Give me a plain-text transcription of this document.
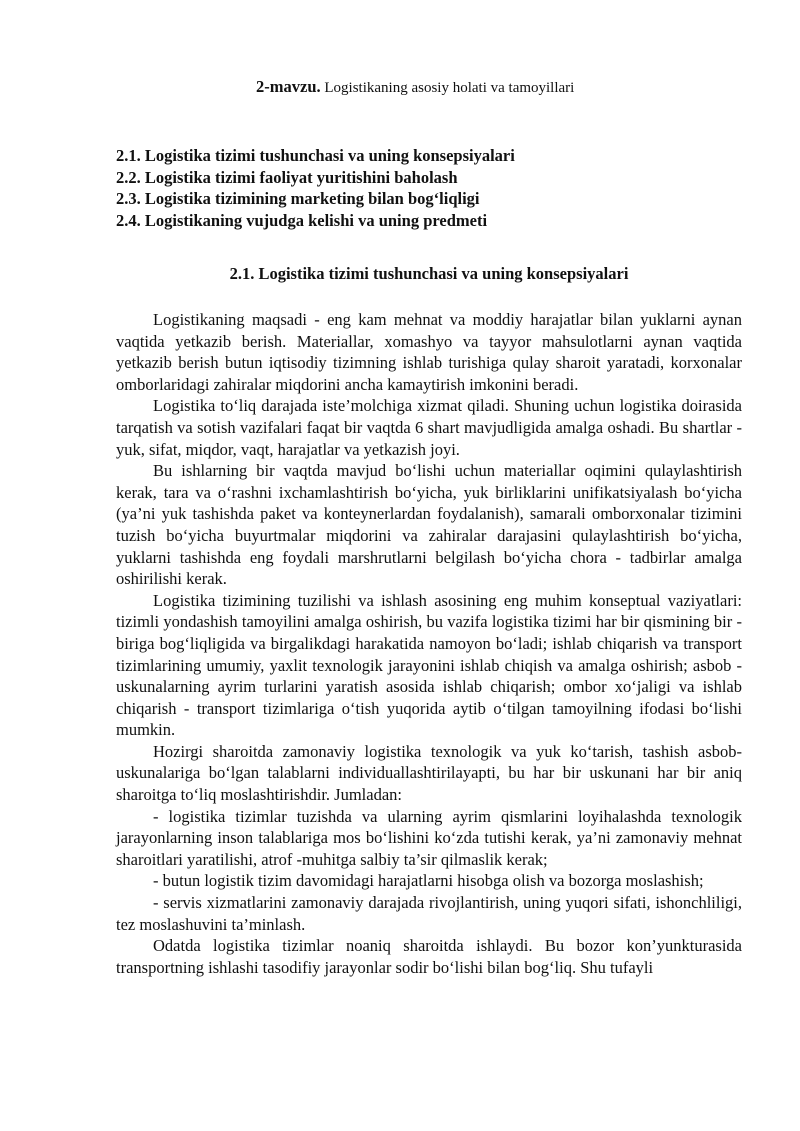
2-mavzu. Logistikaning asosiy holati va tamoyillari
2.1. Logistika tizimi tushunchasi va uning konsepsiyalari
2.2. Logistika tizimi faoliyat yuritishini baholash
2.3. Logistika tizimining marketing bilan bog‘liqligi
2.4. Logistikaning vujudga kelishi va uning predmeti
2.1. Logistika tizimi tushunchasi va uning konsepsiyalari

Logistikaning maqsadi - eng kam mehnat va moddiy harajatlar bilan yuklarni aynan vaqtida yetkazib berish. Materiallar, xomashyo va tayyor mahsulotlarni aynan vaqtida yetkazib berish butun iqtisodiy tizimning ishlab turishiga qulay sharoit yaratadi, korxonalar omborlaridagi zahiralar miqdorini ancha kamaytirish imkonini beradi.

Logistika to‘liq darajada iste’molchiga xizmat qiladi. Shuning uchun logistika doirasida tarqatish va sotish vazifalari faqat bir vaqtda 6 shart mavjudligida amalga oshadi. Bu shartlar - yuk, sifat, miqdor, vaqt, harajatlar va yetkazish joyi.

Bu ishlarning bir vaqtda mavjud bo‘lishi uchun materiallar oqimini qulaylashtirish kerak, tara va o‘rashni ixchamlashtirish bo‘yicha, yuk birliklarini unifikatsiyalash bo‘yicha (ya’ni yuk tashishda paket va konteynerlardan foydalanish), samarali omborxonalar tizimini tuzish bo‘yicha buyurtmalar miqdorini va zahiralar darajasini qulaylashtirish bo‘yicha, yuklarni tashishda eng foydali marshrutlarni belgilash bo‘yicha chora - tadbirlar amalga oshirilishi kerak.

Logistika tizimining tuzilishi va ishlash asosining eng muhim konseptual vaziyatlari: tizimli yondashish tamoyilini amalga oshirish, bu vazifa logistika tizimi har bir qismining bir - biriga bog‘liqligida va birgalikdagi harakatida namoyon bo‘ladi; ishlab chiqarish va transport tizimlarining umumiy, yaxlit texnologik jarayonini ishlab chiqish va amalga oshirish; asbob - uskunalarning ayrim turlarini yaratish asosida ishlab chiqarish; ombor xo‘jaligi va ishlab chiqarish - transport tizimlariga o‘tish yuqorida aytib o‘tilgan tamoyilning ifodasi bo‘lishi mumkin.

Hozirgi sharoitda zamonaviy logistika texnologik va yuk ko‘tarish, tashish asbob-uskunalariga bo‘lgan talablarni individuallashtirilayapti, bu har bir uskunani har bir aniq sharoitga to‘liq moslashtirishdir. Jumladan:

- logistika tizimlar tuzishda va ularning ayrim qismlarini loyihalashda texnologik jarayonlarning inson talablariga mos bo‘lishini ko‘zda tutishi kerak, ya’ni zamonaviy mehnat sharoitlari yaratilishi, atrof -muhitga salbiy ta’sir qilmaslik kerak;

- butun logistik tizim davomidagi harajatlarni hisobga olish va bozorga moslashish;

- servis xizmatlarini zamonaviy darajada rivojlantirish, uning yuqori sifati, ishonchliligi, tez moslashuvini ta’minlash.

Odatda logistika tizimlar noaniq sharoitda ishlaydi. Bu bozor kon’yunkturasida transportning ishlashi tasodifiy jarayonlar sodir bo‘lishi bilan bog‘liq. Shu tufayli
